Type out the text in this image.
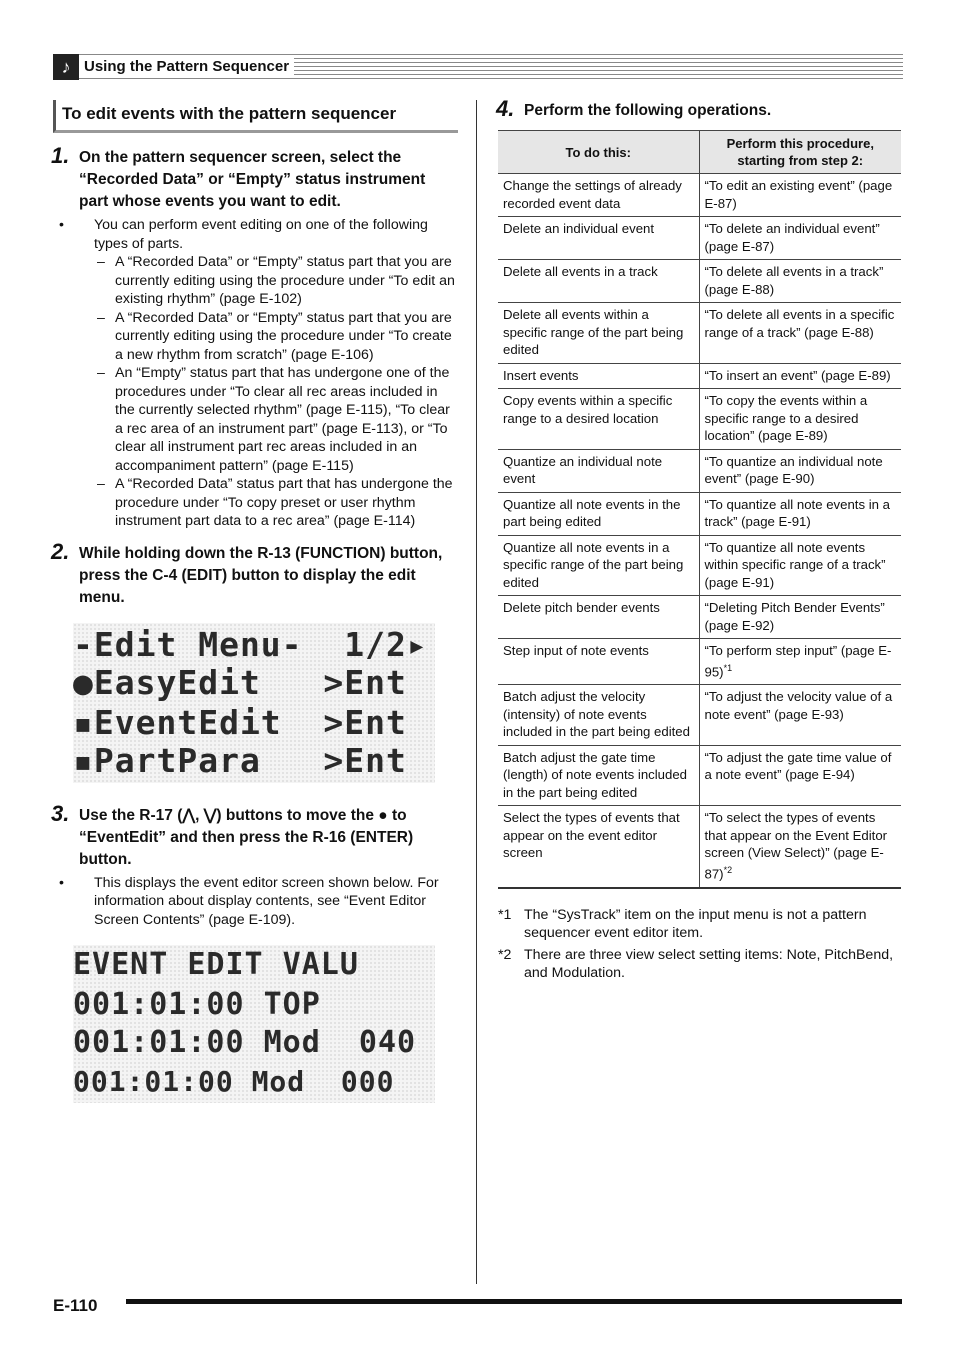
♪ Using the Pattern Sequencer
To edit events with the pattern sequencer
1. On the pattern sequencer screen, select the “Recorded Data” or “Empty” status instrument part whose events you want to edit.
• You can perform event editing on one of the following types of parts.
– A “Recorded Data” or “Empty” status part that you are currently editing using the procedure under “To edit an existing rhythm” (page E-102)
– A “Recorded Data” or “Empty” status part that you are currently editing using the procedure under “To create a new rhythm from scratch” (page E-106)
– An “Empty” status part that has undergone one of the procedures under “To clear all rec areas included in the currently selected rhythm” (page E-115), “To clear a rec area of an instrument part” (page E-113), or “To clear all instrument part rec areas included in an accompaniment pattern” (page E-115)
– A “Recorded Data” status part that has undergone the procedure under “To copy preset or user rhythm instrument part data to a rec area” (page E-114)
2. While holding down the R-13 (FUNCTION) button, press the C-4 (EDIT) button to display the edit menu.
-Edit Menu-  1/2▸
●EasyEdit   >Ent
▪EventEdit  >Ent
▪PartPara   >Ent
3. Use the R-17 (⋀, ⋁) buttons to move the ● to “EventEdit” and then press the R-16 (ENTER) button.
• This displays the event editor screen shown below. For information about display contents, see “Event Editor Screen Contents” (page E-109).
EVENT EDIT VALU
001:01:00 TOP
001:01:00 Mod  040
001:01:00 Mod  000
4. Perform the following operations.
To do this:	Perform this procedure, starting from step 2:
Change the settings of already recorded event data	“To edit an existing event” (page E-87)
Delete an individual event	“To delete an individual event” (page E-87)
Delete all events in a track	“To delete all events in a track” (page E-88)
Delete all events within a specific range of the part being edited	“To delete all events in a specific range of a track” (page E-88)
Insert events	“To insert an event” (page E-89)
Copy events within a specific range to a desired location	“To copy the events within a specific range to a desired location” (page E-89)
Quantize an individual note event	“To quantize an individual note event” (page E-90)
Quantize all note events in the part being edited	“To quantize all note events in a track” (page E-91)
Quantize all note events in a specific range of the part being edited	“To quantize all note events within specific range of a track” (page E-91)
Delete pitch bender events	“Deleting Pitch Bender Events” (page E-92)
Step input of note events	“To perform step input” (page E-95)$^{*1}$
Batch adjust the velocity (intensity) of note events included in the part being edited	“To adjust the velocity value of a note event” (page E-93)
Batch adjust the gate time (length) of note events included in the part being edited	“To adjust the gate time value of a note event” (page E-94)
Select the types of events that appear on the event editor screen	“To select the types of events that appear on the Event Editor screen (View Select)” (page E-87)$^{*2}$
*1 The “SysTrack” item on the input menu is not a pattern sequencer event editor item.
*2 There are three view select setting items: Note, PitchBend, and Modulation.
E-110
